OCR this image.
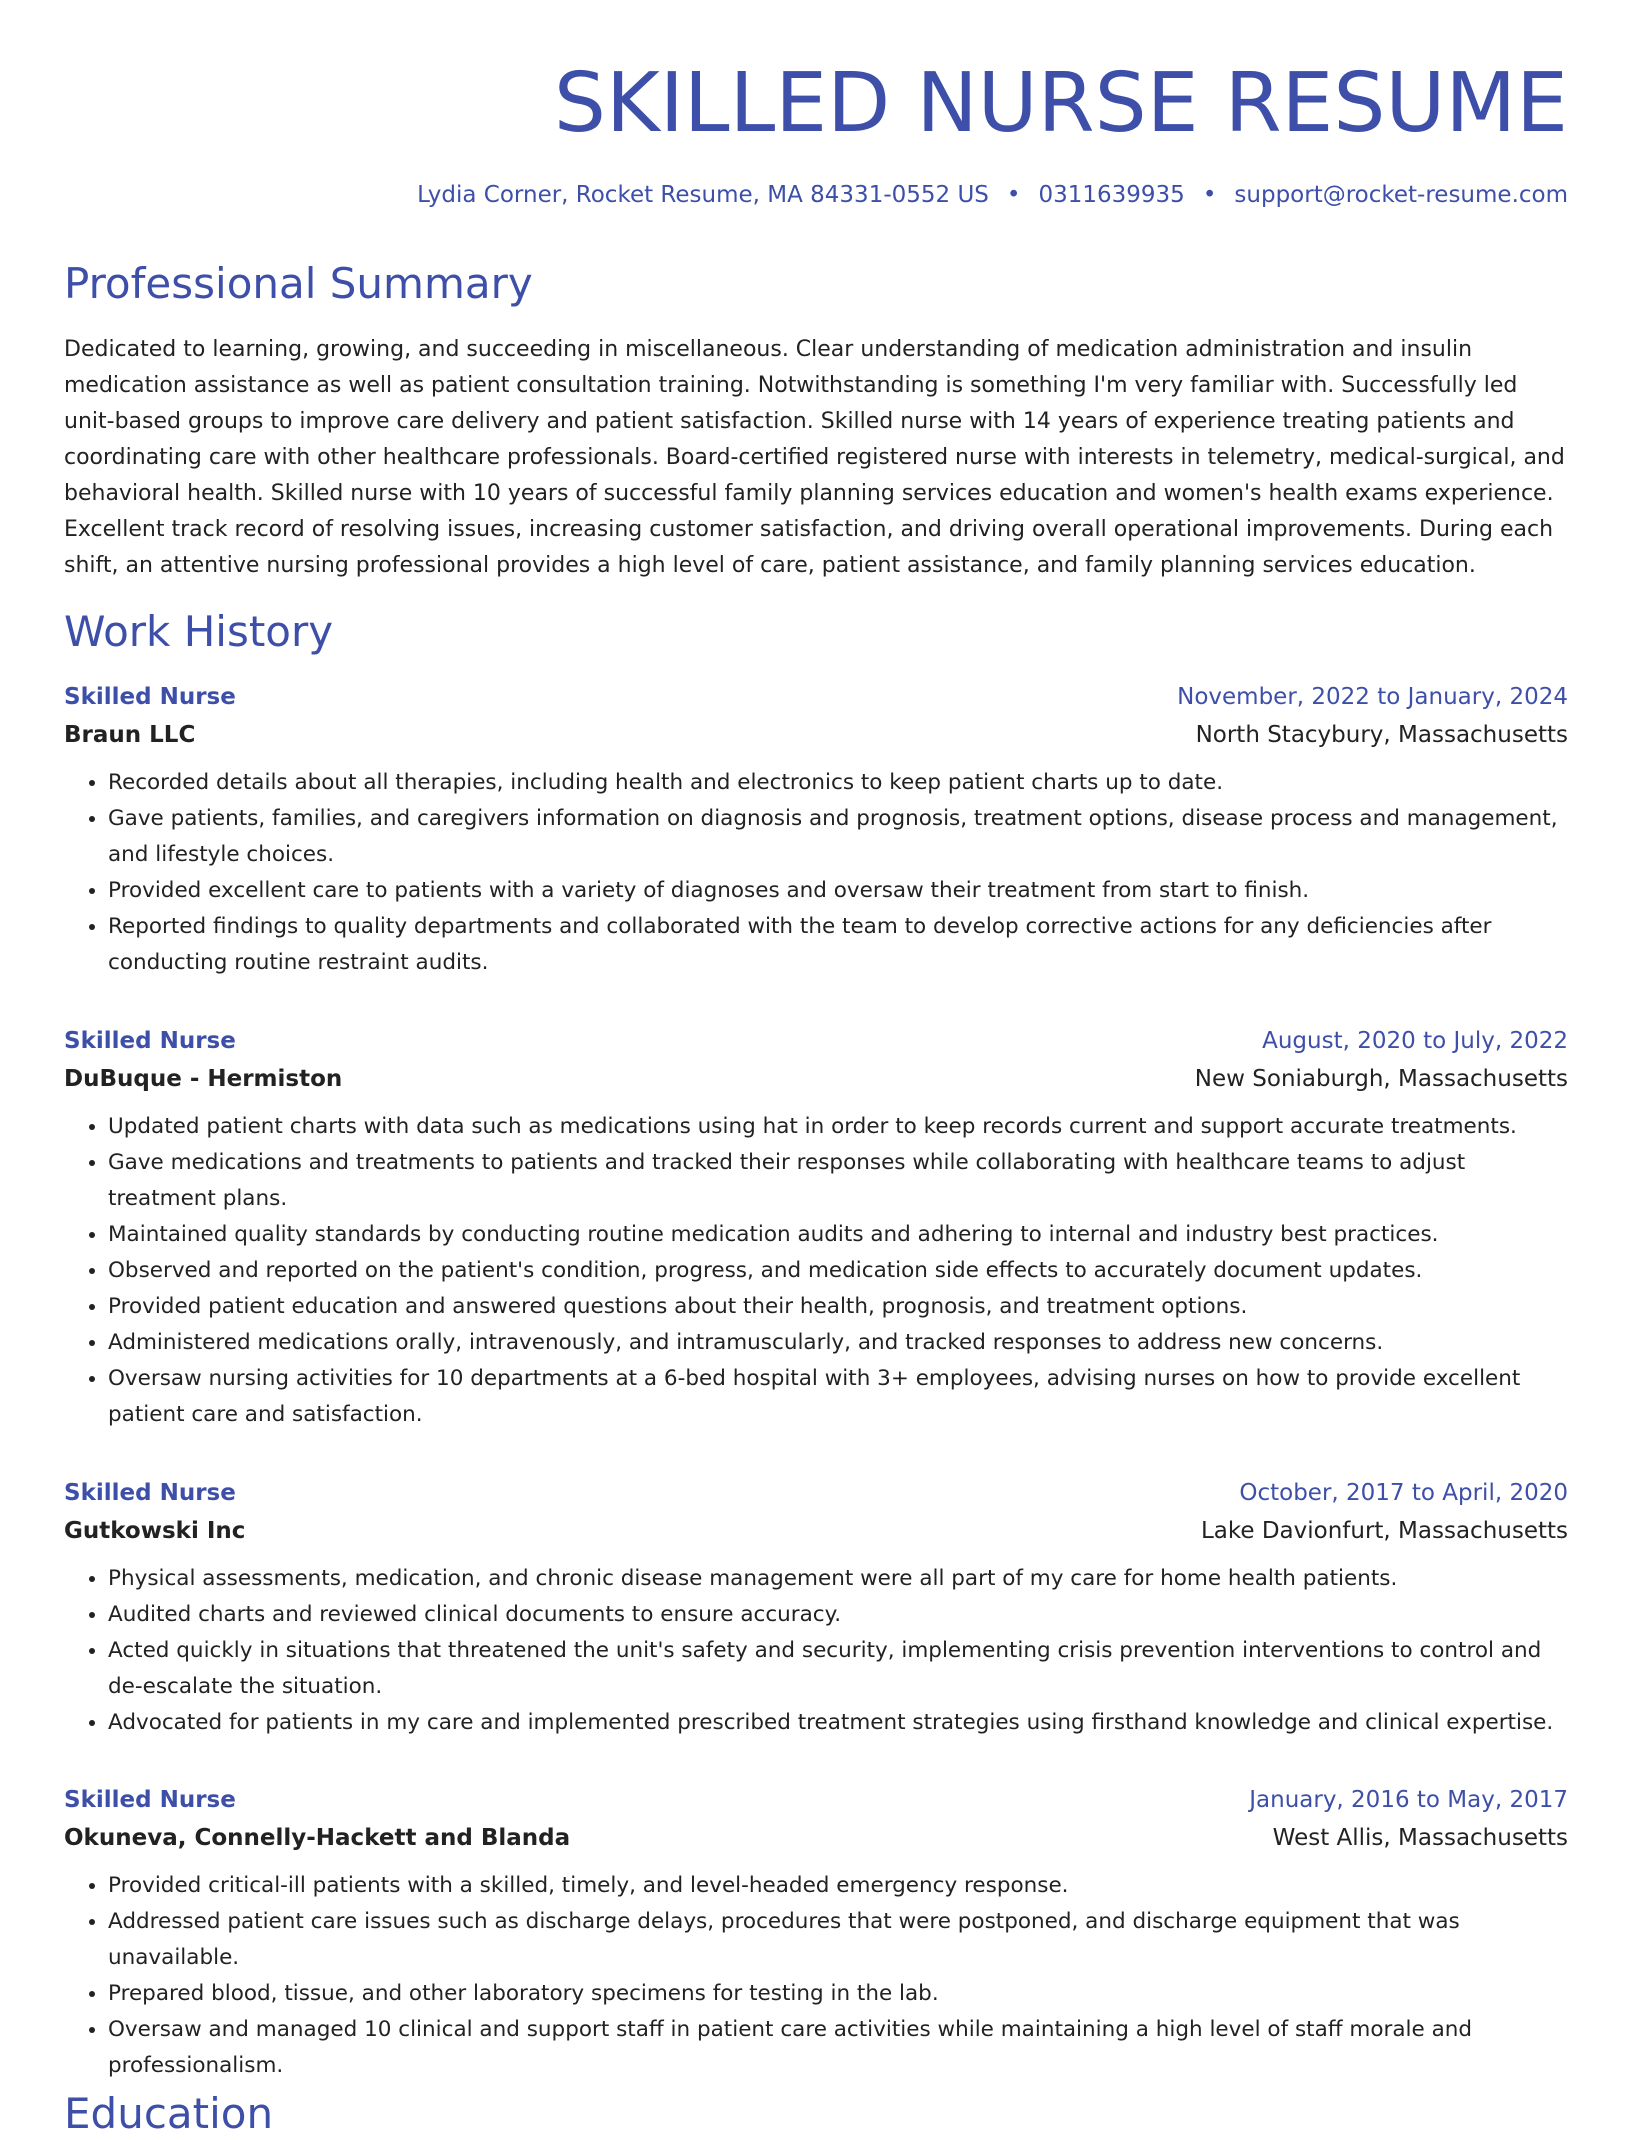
SKILLED NURSE RESUME
Lydia Corner, Rocket Resume, MA 84331-0552 US • 0311639935 • support@rocket-resume.com
Professional Summary

Dedicated to learning, growing, and succeeding in miscellaneous. Clear understanding of medication administration and insulin medication assistance as well as patient consultation training. Notwithstanding is something I'm very familiar with. Successfully led unit-based groups to improve care delivery and patient satisfaction. Skilled nurse with 14 years of experience treating patients and coordinating care with other healthcare professionals. Board-certified registered nurse with interests in telemetry, medical-surgical, and behavioral health. Skilled nurse with 10 years of successful family planning services education and women's health exams experience. Excellent track record of resolving issues, increasing customer satisfaction, and driving overall operational improvements. During each shift, an attentive nursing professional provides a high level of care, patient assistance, and family planning services education.

Work History
Skilled Nurse	November, 2022 to January, 2024
Braun LLC	North Stacybury, Massachusetts
• Recorded details about all therapies, including health and electronics to keep patient charts up to date.
• Gave patients, families, and caregivers information on diagnosis and prognosis, treatment options, disease process and management, and lifestyle choices.
• Provided excellent care to patients with a variety of diagnoses and oversaw their treatment from start to finish.
• Reported findings to quality departments and collaborated with the team to develop corrective actions for any deficiencies after conducting routine restraint audits.
Skilled Nurse	August, 2020 to July, 2022
DuBuque - Hermiston	New Soniaburgh, Massachusetts
• Updated patient charts with data such as medications using hat in order to keep records current and support accurate treatments.
• Gave medications and treatments to patients and tracked their responses while collaborating with healthcare teams to adjust treatment plans.
• Maintained quality standards by conducting routine medication audits and adhering to internal and industry best practices.
• Observed and reported on the patient's condition, progress, and medication side effects to accurately document updates.
• Provided patient education and answered questions about their health, prognosis, and treatment options.
• Administered medications orally, intravenously, and intramuscularly, and tracked responses to address new concerns.
• Oversaw nursing activities for 10 departments at a 6-bed hospital with 3+ employees, advising nurses on how to provide excellent patient care and satisfaction.
Skilled Nurse	October, 2017 to April, 2020
Gutkowski Inc	Lake Davionfurt, Massachusetts
• Physical assessments, medication, and chronic disease management were all part of my care for home health patients.
• Audited charts and reviewed clinical documents to ensure accuracy.
• Acted quickly in situations that threatened the unit's safety and security, implementing crisis prevention interventions to control and de-escalate the situation.
• Advocated for patients in my care and implemented prescribed treatment strategies using firsthand knowledge and clinical expertise.
Skilled Nurse	January, 2016 to May, 2017
Okuneva, Connelly-Hackett and Blanda	West Allis, Massachusetts
• Provided critical-ill patients with a skilled, timely, and level-headed emergency response.
• Addressed patient care issues such as discharge delays, procedures that were postponed, and discharge equipment that was unavailable.
• Prepared blood, tissue, and other laboratory specimens for testing in the lab.
• Oversaw and managed 10 clinical and support staff in patient care activities while maintaining a high level of staff morale and professionalism.
Education
